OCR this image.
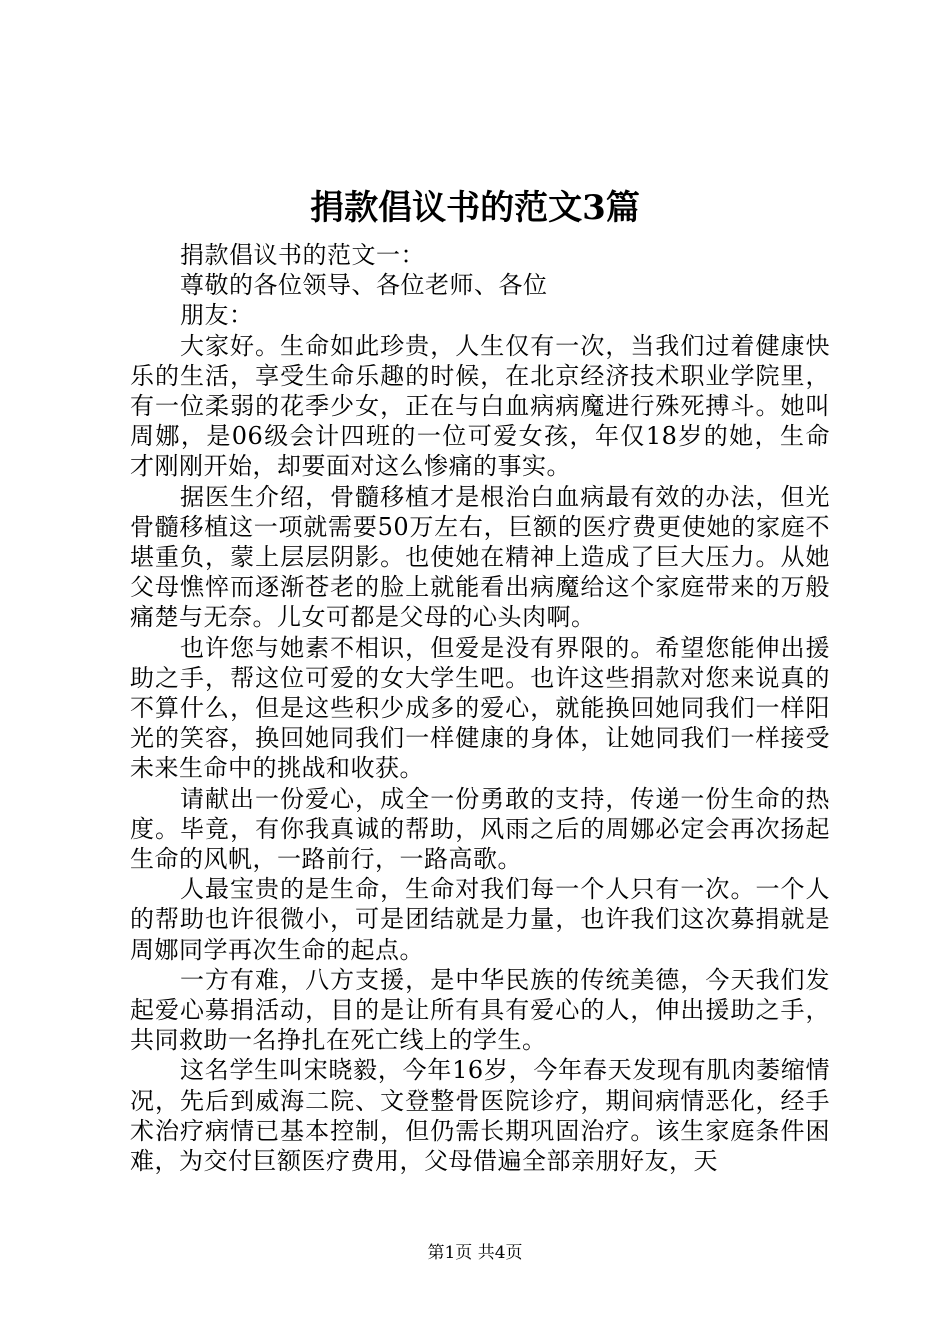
捐款倡议书的范文3篇

捐款倡议书的范文一：

尊敬的各位领导、各位老师、各位

朋友：

大家好。生命如此珍贵，人生仅有一次，当我们过着健康快乐的生活，享受生命乐趣的时候，在北京经济技术职业学院里，有一位柔弱的花季少女，正在与白血病病魔进行殊死搏斗。她叫周娜，是06级会计四班的一位可爱女孩，年仅18岁的她，生命才刚刚开始，却要面对这么惨痛的事实。

据医生介绍，骨髓移植才是根治白血病最有效的办法，但光骨髓移植这一项就需要50万左右，巨额的医疗费更使她的家庭不堪重负，蒙上层层阴影。也使她在精神上造成了巨大压力。从她父母憔悴而逐渐苍老的脸上就能看出病魔给这个家庭带来的万般痛楚与无奈。儿女可都是父母的心头肉啊。

也许您与她素不相识，但爱是没有界限的。希望您能伸出援助之手，帮这位可爱的女大学生吧。也许这些捐款对您来说真的不算什么，但是这些积少成多的爱心，就能换回她同我们一样阳光的笑容，换回她同我们一样健康的身体，让她同我们一样接受未来生命中的挑战和收获。

请献出一份爱心，成全一份勇敢的支持，传递一份生命的热度。毕竟，有你我真诚的帮助，风雨之后的周娜必定会再次扬起生命的风帆，一路前行，一路高歌。

人最宝贵的是生命，生命对我们每一个人只有一次。一个人的帮助也许很微小，可是团结就是力量，也许我们这次募捐就是周娜同学再次生命的起点。

一方有难，八方支援，是中华民族的传统美德，今天我们发起爱心募捐活动，目的是让所有具有爱心的人，伸出援助之手，共同救助一名挣扎在死亡线上的学生。

这名学生叫宋晓毅，今年16岁，今年春天发现有肌肉萎缩情况，先后到威海二院、文登整骨医院诊疗，期间病情恶化，经手术治疗病情已基本控制，但仍需长期巩固治疗。该生家庭条件困难，为交付巨额医疗费用，父母借遍全部亲朋好友，天

第1页 共4页
